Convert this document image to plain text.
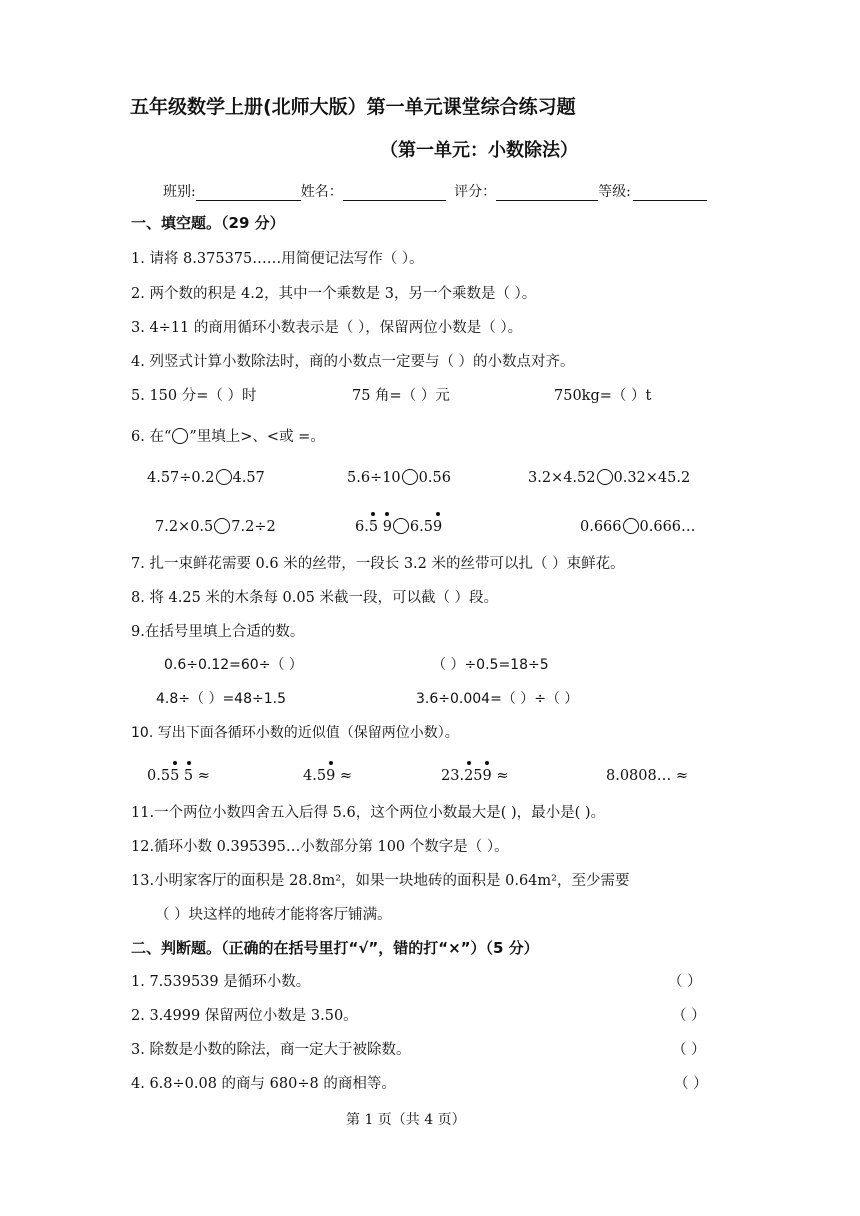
五年级数学上册(北师大版）第一单元课堂综合练习题
（第一单元：小数除法）
班别:	姓名：	评分：	等级:
一、填空题。（29 分）
1. 请将 8.375375……用简便记法写作（ ）。
2. 两个数的积是 4.2，其中一个乘数是 3，另一个乘数是（ ）。
3. 4÷11 的商用循环小数表示是（ ），保留两位小数是（ ）。
4. 列竖式计算小数除法时，商的小数点一定要与（ ）的小数点对齐。
5. 150 分=（ ）时	75 角=（ ）元	750kg=（ ）t
6. 在“ ”里填上>、<或 =。
4.57÷0.2 4.57	5.6÷10 0.56	3.2×4.52 0.32×45.2
7.2×0.5 7.2÷2	6.5 9 6.59	0.666 0.666…
7. 扎一束鲜花需要 0.6 米的丝带，一段长 3.2 米的丝带可以扎（ ）束鲜花。
8. 将 4.25 米的木条每 0.05 米截一段，可以截（ ）段。
9.在括号里填上合适的数。
0.6÷0.12=60÷（ ）	（ ）÷0.5=18÷5
4.8÷（ ）=48÷1.5	3.6÷0.004=（ ）÷（ ）
10. 写出下面各循环小数的近似值（保留两位小数）。
0.55 5 ≈	4.59 ≈	23.259 ≈	8.0808… ≈
11.一个两位小数四舍五入后得 5.6，这个两位小数最大是( )，最小是( )。
12.循环小数 0.395395…小数部分第 100 个数字是（ ）。
13.小明家客厅的面积是 28.8m²，如果一块地砖的面积是 0.64m²，至少需要
（ ）块这样的地砖才能将客厅铺满。
二、判断题。（正确的在括号里打“√”，错的打“×”）（5 分）
1. 7.539539 是循环小数。	（ ）
2. 3.4999 保留两位小数是 3.50。	（ ）
3. 除数是小数的除法，商一定大于被除数。	（ ）
4. 6.8÷0.08 的商与 680÷8 的商相等。	（ ）
第 1 页（共 4 页）
